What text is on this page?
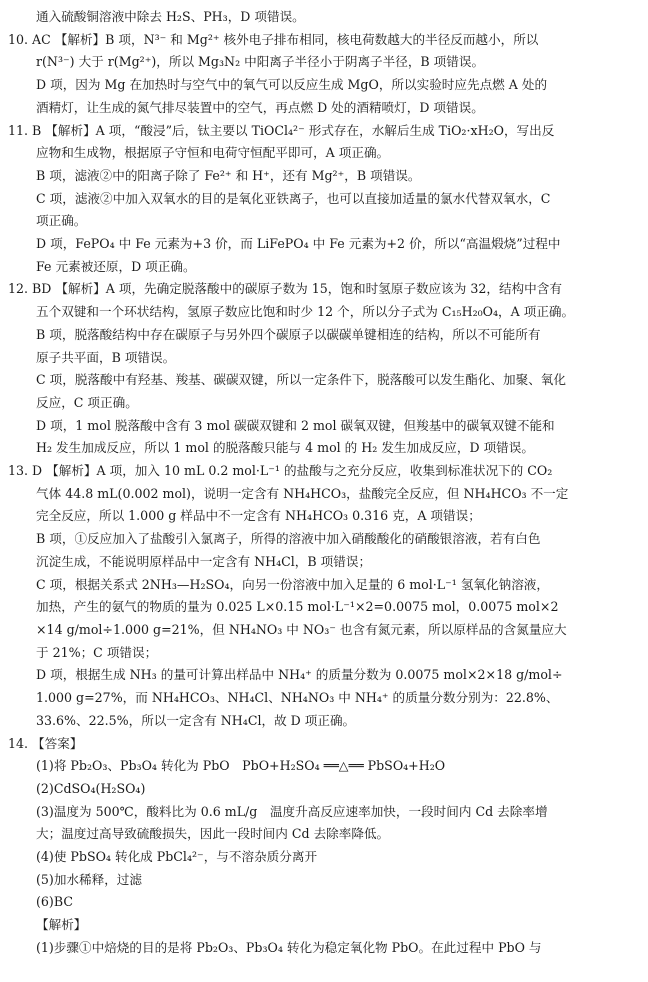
通入硫酸铜溶液中除去 H₂S、PH₃，D 项错误。
10. AC 【解析】B 项，N³⁻ 和 Mg²⁺ 核外电子排布相同，核电荷数越大的半径反而越小，所以
r(N³⁻) 大于 r(Mg²⁺)，所以 Mg₃N₂ 中阳离子半径小于阴离子半径，B 项错误。
D 项，因为 Mg 在加热时与空气中的氧气可以反应生成 MgO，所以实验时应先点燃 A 处的
酒精灯，让生成的氮气排尽装置中的空气，再点燃 D 处的酒精喷灯，D 项错误。
11. B 【解析】A 项，“酸浸”后，钛主要以 TiOCl₄²⁻ 形式存在，水解后生成 TiO₂·xH₂O，写出反
应物和生成物，根据原子守恒和电荷守恒配平即可，A 项正确。
B 项，滤液②中的阳离子除了 Fe²⁺ 和 H⁺，还有 Mg²⁺，B 项错误。
C 项，滤液②中加入双氧水的目的是氧化亚铁离子，也可以直接加适量的氯水代替双氧水，C
项正确。
D 项，FePO₄ 中 Fe 元素为+3 价，而 LiFePO₄ 中 Fe 元素为+2 价，所以“高温煅烧”过程中
Fe 元素被还原，D 项正确。
12. BD 【解析】A 项，先确定脱落酸中的碳原子数为 15，饱和时氢原子数应该为 32，结构中含有
五个双键和一个环状结构，氢原子数应比饱和时少 12 个，所以分子式为 C₁₅H₂₀O₄，A 项正确。
B 项，脱落酸结构中存在碳原子与另外四个碳原子以碳碳单键相连的结构，所以不可能所有
原子共平面，B 项错误。
C 项，脱落酸中有羟基、羧基、碳碳双键，所以一定条件下，脱落酸可以发生酯化、加聚、氧化
反应，C 项正确。
D 项，1 mol 脱落酸中含有 3 mol 碳碳双键和 2 mol 碳氧双键，但羧基中的碳氧双键不能和
H₂ 发生加成反应，所以 1 mol 的脱落酸只能与 4 mol 的 H₂ 发生加成反应，D 项错误。
13. D 【解析】A 项，加入 10 mL 0.2 mol·L⁻¹ 的盐酸与之充分反应，收集到标准状况下的 CO₂
气体 44.8 mL(0.002 mol)，说明一定含有 NH₄HCO₃，盐酸完全反应，但 NH₄HCO₃ 不一定
完全反应，所以 1.000 g 样品中不一定含有 NH₄HCO₃ 0.316 克，A 项错误；
B 项，①反应加入了盐酸引入氯离子，所得的溶液中加入硝酸酸化的硝酸银溶液，若有白色
沉淀生成，不能说明原样品中一定含有 NH₄Cl，B 项错误；
C 项，根据关系式 2NH₃—H₂SO₄，向另一份溶液中加入足量的 6 mol·L⁻¹ 氢氧化钠溶液，
加热，产生的氨气的物质的量为 0.025 L×0.15 mol·L⁻¹×2=0.0075 mol，0.0075 mol×2
×14 g/mol÷1.000 g=21%，但 NH₄NO₃ 中 NO₃⁻ 也含有氮元素，所以原样品的含氮量应大
于 21%；C 项错误；
D 项，根据生成 NH₃ 的量可计算出样品中 NH₄⁺ 的质量分数为 0.0075 mol×2×18 g/mol÷
1.000 g=27%，而 NH₄HCO₃、NH₄Cl、NH₄NO₃ 中 NH₄⁺ 的质量分数分别为：22.8%、
33.6%、22.5%，所以一定含有 NH₄Cl，故 D 项正确。
14. 【答案】
(1)将 Pb₂O₃、Pb₃O₄ 转化为 PbO　PbO+H₂SO₄ ══△══ PbSO₄+H₂O
(2)CdSO₄(H₂SO₄)
(3)温度为 500℃，酸料比为 0.6 mL/g　温度升高反应速率加快，一段时间内 Cd 去除率增
大；温度过高导致硫酸损失，因此一段时间内 Cd 去除率降低。
(4)使 PbSO₄ 转化成 PbCl₄²⁻，与不溶杂质分离开
(5)加水稀释，过滤
(6)BC
【解析】
(1)步骤①中焙烧的目的是将 Pb₂O₃、Pb₃O₄ 转化为稳定氧化物 PbO。在此过程中 PbO 与
